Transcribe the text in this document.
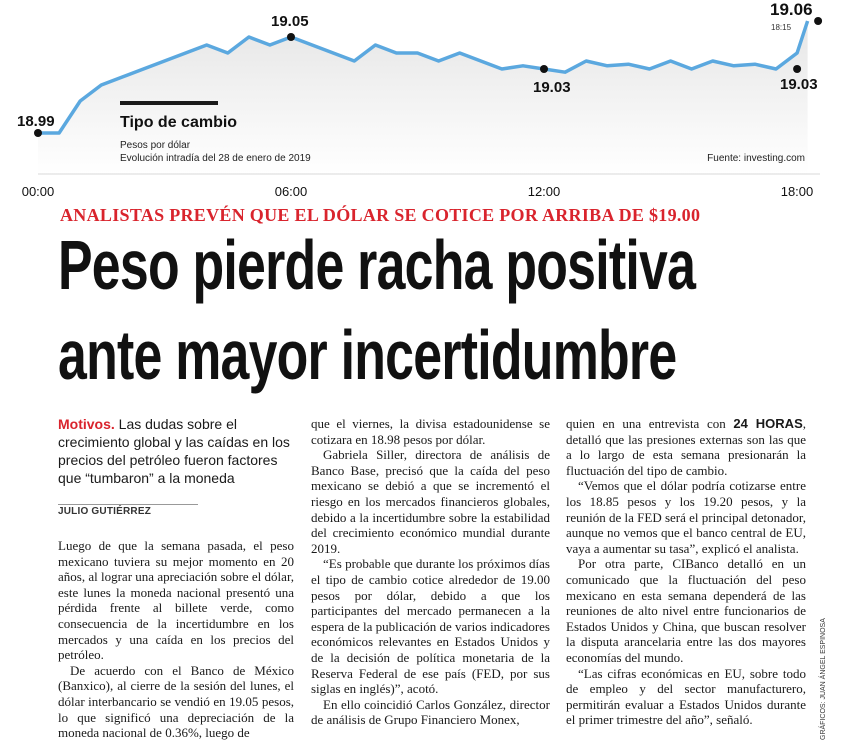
Tipo de cambio
Pesos por dólar
Evolución intradía del 28 de enero de 2019	Fuente: investing.com
00:00	06:00	12:00	18:00
18.99
19.05
19.03	19.03
19.06
18:15
ANALISTAS PREVÉN QUE EL DÓLAR SE COTICE POR ARRIBA DE $19.00
Peso pierde racha positiva
ante mayor incertidumbre
Motivos. Las dudas sobre el crecimiento global y las caídas en los precios del petróleo fueron factores que “tumbaron” a la moneda
JULIO GUTIÉRREZ

Luego de que la semana pasada, el peso mexicano tuviera su mejor momento en 20 años, al lograr una apreciación sobre el dólar, este lunes la moneda nacional presentó una pérdida frente al billete verde, como consecuencia de la incertidumbre en los mercados y una caída en los precios del petróleo.

De acuerdo con el Banco de México (Banxico), al cierre de la sesión del lunes, el dólar interbancario se vendió en 19.05 pesos, lo que significó una depreciación de la moneda nacional de 0.36%, luego de

que el viernes, la divisa estadounidense se cotizara en 18.98 pesos por dólar.

Gabriela Siller, directora de análisis de Banco Base, precisó que la caída del peso mexicano se debió a que se incrementó el riesgo en los mercados financieros globales, debido a la incertidumbre sobre la estabilidad del crecimiento económico mundial durante 2019.

“Es probable que durante los próximos días el tipo de cambio cotice alrededor de 19.00 pesos por dólar, debido a que los participantes del mercado permanecen a la espera de la publicación de varios indicadores económicos relevantes en Estados Unidos y de la decisión de política monetaria de la Reserva Federal de ese país (FED, por sus siglas en inglés)”, acotó.

En ello coincidió Carlos González, director de análisis de Grupo Financiero Monex,

quien en una entrevista con 24 HORAS, detalló que las presiones externas son las que a lo largo de esta semana presionarán la fluctuación del tipo de cambio.

“Vemos que el dólar podría cotizarse entre los 18.85 pesos y los 19.20 pesos, y la reunión de la FED será el principal detonador, aunque no vemos que el banco central de EU, vaya a aumentar su tasa”, explicó el analista.

Por otra parte, CIBanco detalló en un comunicado que la fluctuación del peso mexicano en esta semana dependerá de las reuniones de alto nivel entre funcionarios de Estados Unidos y China, que buscan resolver la disputa arancelaria entre las dos mayores economías del mundo.

“Las cifras económicas en EU, sobre todo de empleo y del sector manufacturero, permitirán evaluar a Estados Unidos durante el primer trimestre del año”, señaló.	GRÁFICOS: JUAN ÁNGEL ESPINOSA
